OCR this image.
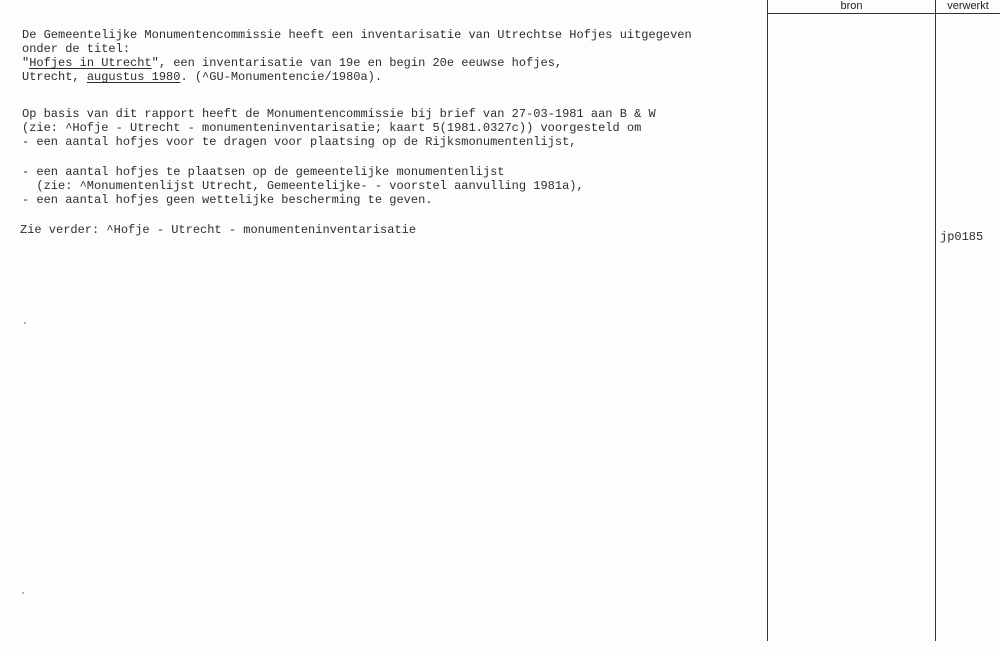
bron	verwerkt
De Gemeentelijke Monumentencommissie heeft een inventarisatie van Utrechtse Hofjes uitgegeven
onder de titel:
"Hofjes in Utrecht", een inventarisatie van 19e en begin 20e eeuwse hofjes,
Utrecht, augustus 1980. (^GU-Monumentencie/1980a).
Op basis van dit rapport heeft de Monumentencommissie bij brief van 27-03-1981 aan B & W
(zie: ^Hofje - Utrecht - monumenteninventarisatie; kaart 5(1981.0327c)) voorgesteld om
- een aantal hofjes voor te dragen voor plaatsing op de Rijksmonumentenlijst,
- een aantal hofjes te plaatsen op de gemeentelijke monumentenlijst
(zie: ^Monumentenlijst Utrecht, Gemeentelijke- - voorstel aanvulling 1981a),
- een aantal hofjes geen wettelijke bescherming te geven.
Zie verder: ^Hofje - Utrecht - monumenteninventarisatie	jp0185
